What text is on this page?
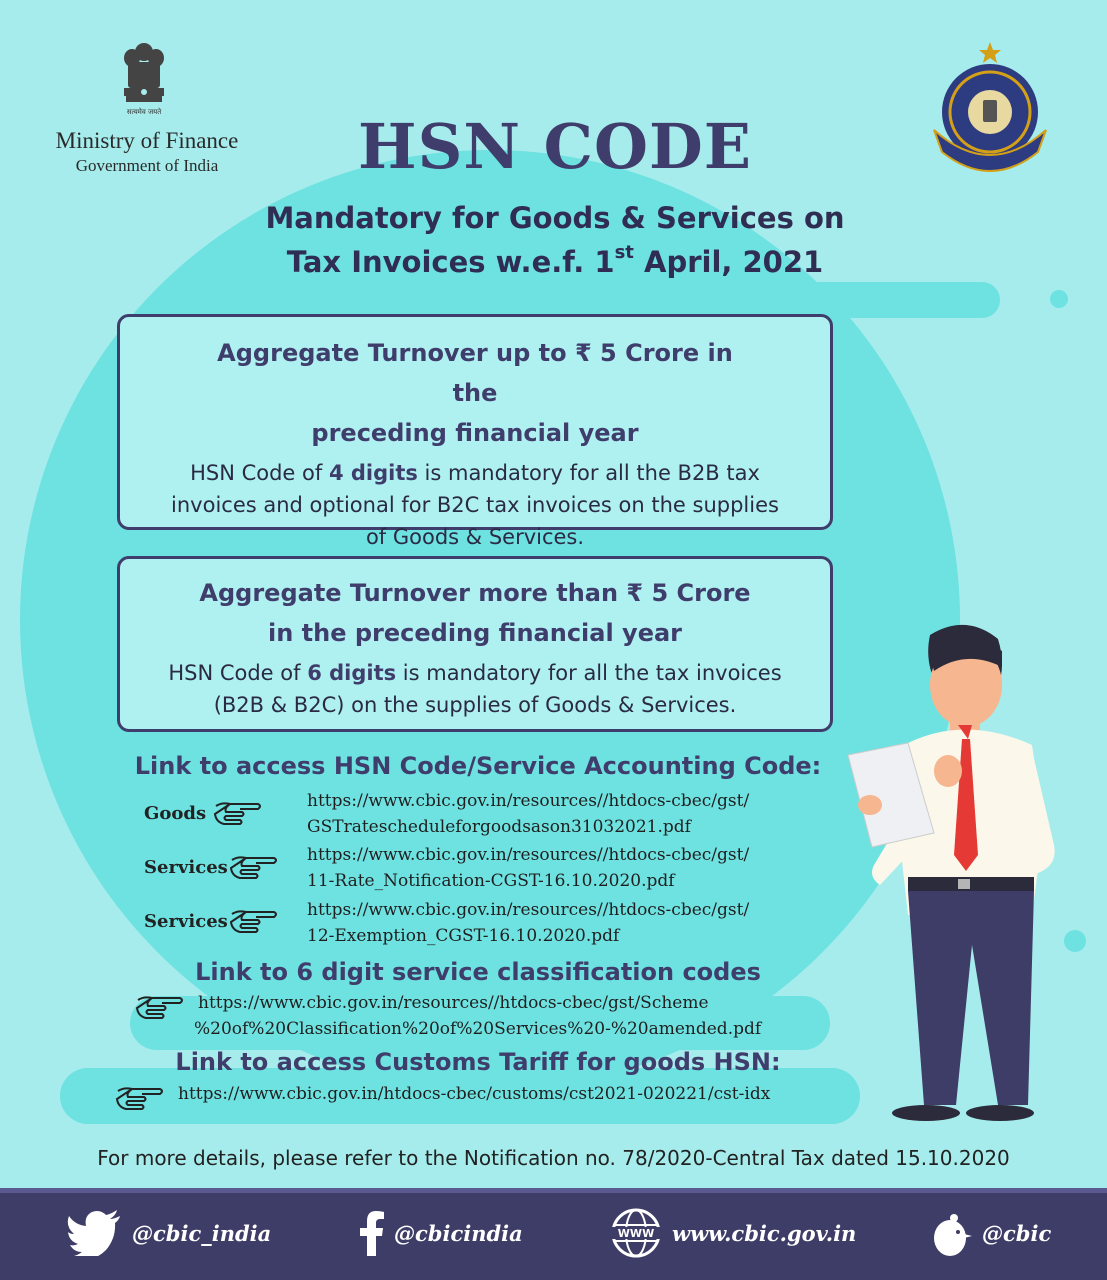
सत्यमेव जयते
Ministry of Finance
Government of India	HSN CODE
Mandatory for Goods & Services on
Tax Invoices w.e.f. 1st April, 2021
Aggregate Turnover up to ₹ 5 Crore in the
preceding financial year
HSN Code of 4 digits is mandatory for all the B2B tax invoices and optional for B2C tax invoices on the supplies of Goods & Services.
Aggregate Turnover more than ₹ 5 Crore
in the preceding financial year
HSN Code of 6 digits is mandatory for all the tax invoices (B2B & B2C) on the supplies of Goods & Services.
Link to access HSN Code/Service Accounting Code:
Goods
https://www.cbic.gov.in/resources//htdocs-cbec/gst/
GSTratescheduleforgoodsason31032021.pdf
Services
https://www.cbic.gov.in/resources//htdocs-cbec/gst/
11-Rate_Notification-CGST-16.10.2020.pdf
Services
https://www.cbic.gov.in/resources//htdocs-cbec/gst/
12-Exemption_CGST-16.10.2020.pdf
Link to 6 digit service classification codes
https://www.cbic.gov.in/resources//htdocs-cbec/gst/Scheme
%20of%20Classification%20of%20Services%20-%20amended.pdf
Link to access Customs Tariff for goods HSN:
https://www.cbic.gov.in/htdocs-cbec/customs/cst2021-020221/cst-idx
For more details, please refer to the Notification no. 78/2020-Central Tax dated 15.10.2020
@cbic_india	@cbicindia	WWW www.cbic.gov.in	@cbic
